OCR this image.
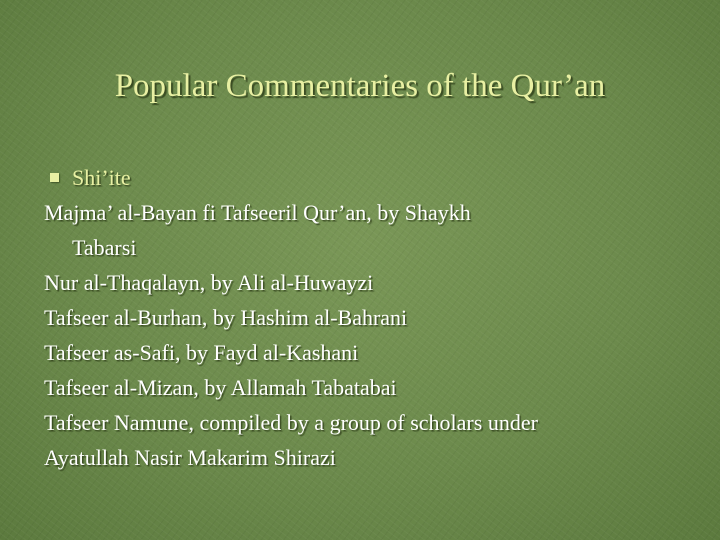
Popular Commentaries of the Qur’an
Shi’ite
Majma’ al-Bayan fi Tafseeril Qur’an, by Shaykh
Tabarsi
Nur al-Thaqalayn, by Ali al-Huwayzi
Tafseer al-Burhan, by Hashim al-Bahrani
Tafseer as-Safi, by Fayd al-Kashani
Tafseer al-Mizan, by Allamah Tabatabai
Tafseer Namune, compiled by a group of scholars under
Ayatullah Nasir Makarim Shirazi
